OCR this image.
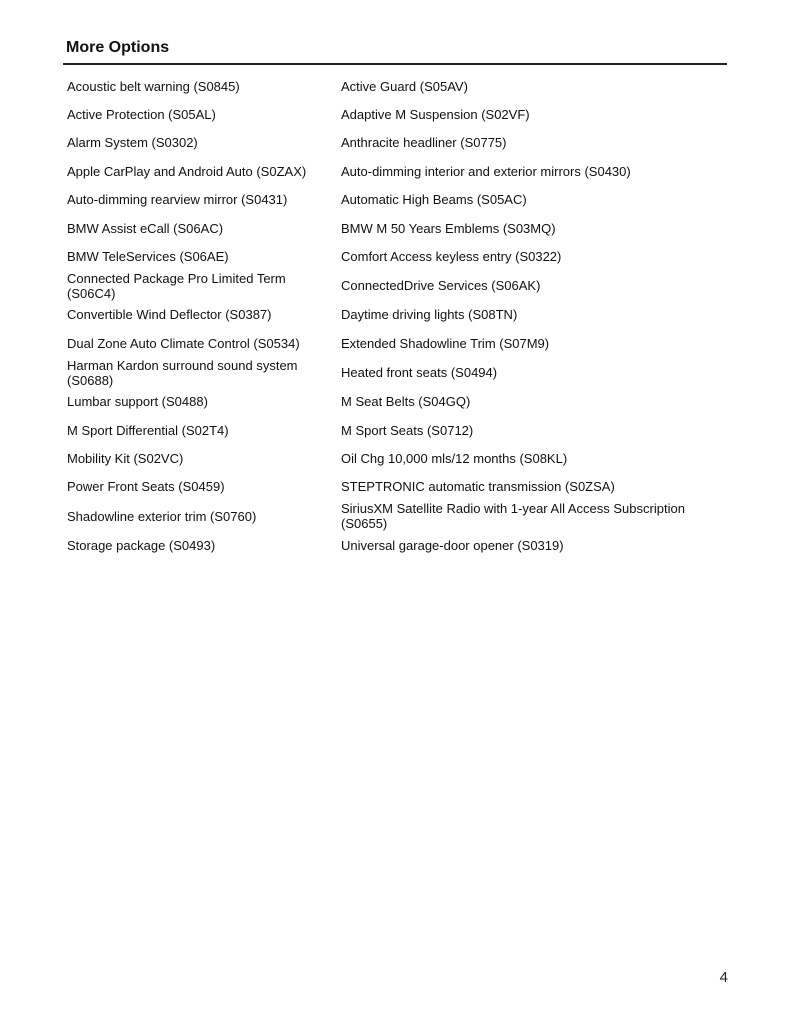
More Options
Acoustic belt warning (S0845)	Active Guard (S05AV)
Active Protection (S05AL)	Adaptive M Suspension (S02VF)
Alarm System (S0302)	Anthracite headliner (S0775)
Apple CarPlay and Android Auto (S0ZAX)	Auto-dimming interior and exterior mirrors (S0430)
Auto-dimming rearview mirror (S0431)	Automatic High Beams (S05AC)
BMW Assist eCall (S06AC)	BMW M 50 Years Emblems (S03MQ)
BMW TeleServices (S06AE)	Comfort Access keyless entry (S0322)
Connected Package Pro Limited Term (S06C4)	ConnectedDrive Services (S06AK)
Convertible Wind Deflector (S0387)	Daytime driving lights (S08TN)
Dual Zone Auto Climate Control (S0534)	Extended Shadowline Trim (S07M9)
Harman Kardon surround sound system (S0688)	Heated front seats (S0494)
Lumbar support (S0488)	M Seat Belts (S04GQ)
M Sport Differential (S02T4)	M Sport Seats (S0712)
Mobility Kit (S02VC)	Oil Chg 10,000 mls/12 months (S08KL)
Power Front Seats (S0459)	STEPTRONIC automatic transmission (S0ZSA)
Shadowline exterior trim (S0760)	SiriusXM Satellite Radio with 1-year All Access Subscription (S0655)
Storage package (S0493)	Universal garage-door opener (S0319)
4
